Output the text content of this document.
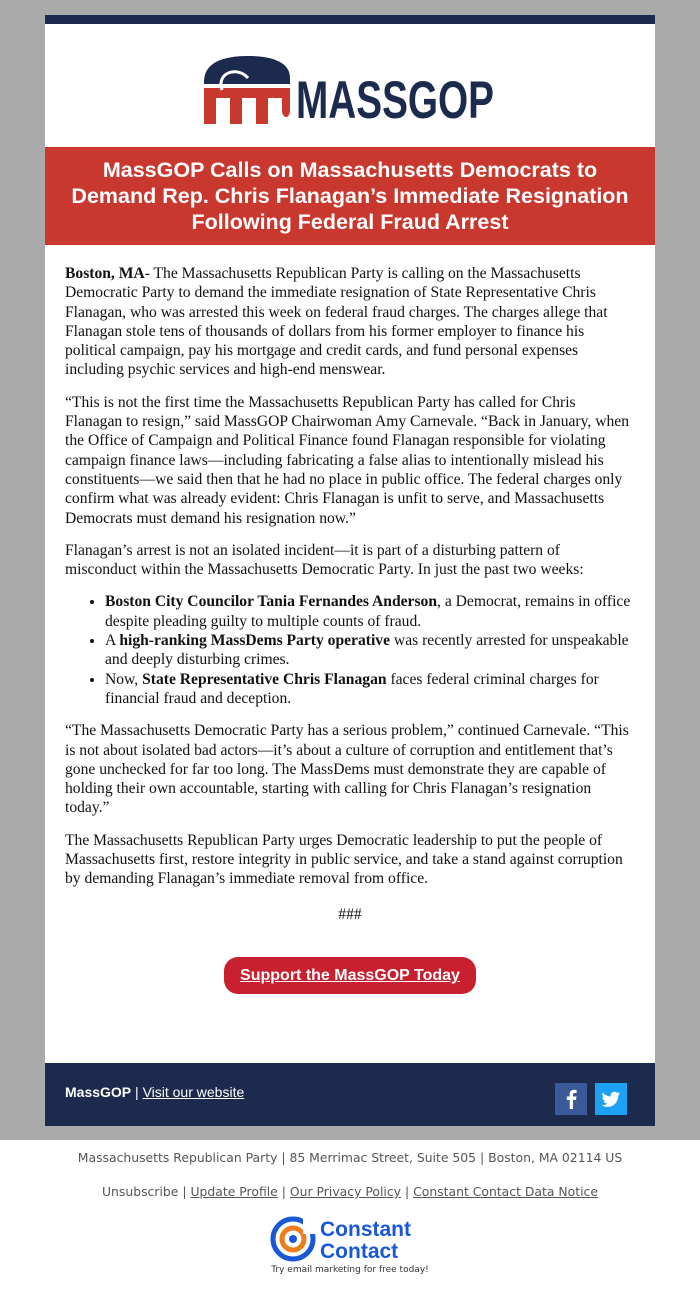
★ MASSGOP
MassGOP Calls on Massachusetts Democrats to Demand Rep. Chris Flanagan’s Immediate Resignation Following Federal Fraud Arrest

Boston, MA- The Massachusetts Republican Party is calling on the Massachusetts Democratic Party to demand the immediate resignation of State Representative Chris Flanagan, who was arrested this week on federal fraud charges. The charges allege that Flanagan stole tens of thousands of dollars from his former employer to finance his political campaign, pay his mortgage and credit cards, and fund personal expenses including psychic services and high-end menswear.

“This is not the first time the Massachusetts Republican Party has called for Chris Flanagan to resign,” said MassGOP Chairwoman Amy Carnevale. “Back in January, when the Office of Campaign and Political Finance found Flanagan responsible for violating campaign finance laws—including fabricating a false alias to intentionally mislead his constituents—we said then that he had no place in public office. The federal charges only confirm what was already evident: Chris Flanagan is unfit to serve, and Massachusetts Democrats must demand his resignation now.”

Flanagan’s arrest is not an isolated incident—it is part of a disturbing pattern of misconduct within the Massachusetts Democratic Party. In just the past two weeks:

• Boston City Councilor Tania Fernandes Anderson, a Democrat, remains in office despite pleading guilty to multiple counts of fraud.
• A high-ranking MassDems Party operative was recently arrested for unspeakable and deeply disturbing crimes.
• Now, State Representative Chris Flanagan faces federal criminal charges for financial fraud and deception.

“The Massachusetts Democratic Party has a serious problem,” continued Carnevale. “This is not about isolated bad actors—it’s about a culture of corruption and entitlement that’s gone unchecked for far too long. The MassDems must demonstrate they are capable of holding their own accountable, starting with calling for Chris Flanagan’s resignation today.”

The Massachusetts Republican Party urges Democratic leadership to put the people of Massachusetts first, restore integrity in public service, and take a stand against corruption by demanding Flanagan’s immediate removal from office.

###
Support the MassGOP Today
MassGOP | Visit our website
Massachusetts Republican Party | 85 Merrimac Street, Suite 505 | Boston, MA 02114 US
Unsubscribe | Update Profile | Our Privacy Policy | Constant Contact Data Notice
Constant
Contact
Try email marketing for free today!
